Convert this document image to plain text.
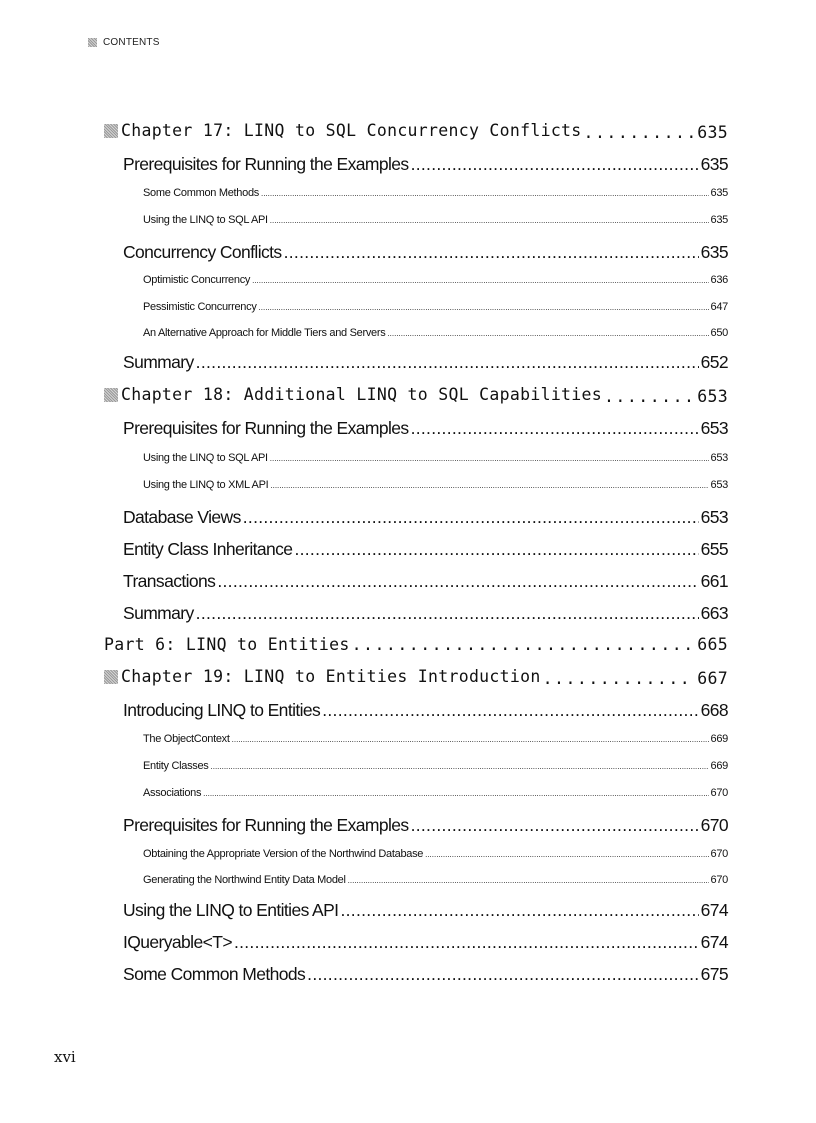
CONTENTS
Chapter 17: LINQ to SQL Concurrency Conflicts .....	635
Prerequisites for Running the Examples .....	635
Some Common Methods .....	635
Using the LINQ to SQL API .....	635
Concurrency Conflicts .....	635
Optimistic Concurrency .....	636
Pessimistic Concurrency .....	647
An Alternative Approach for Middle Tiers and Servers .....	650
Summary .....	652
Chapter 18: Additional LINQ to SQL Capabilities .....	653
Prerequisites for Running the Examples .....	653
Using the LINQ to SQL API .....	653
Using the LINQ to XML API .....	653
Database Views .....	653
Entity Class Inheritance .....	655
Transactions .....	661
Summary .....	663
Part 6: LINQ to Entities .....	665
Chapter 19: LINQ to Entities Introduction .....	667
Introducing LINQ to Entities .....	668
The ObjectContext .....	669
Entity Classes .....	669
Associations .....	670
Prerequisites for Running the Examples .....	670
Obtaining the Appropriate Version of the Northwind Database .....	670
Generating the Northwind Entity Data Model .....	670
Using the LINQ to Entities API .....	674
IQueryable<T> .....	674
Some Common Methods .....	675
xvi
